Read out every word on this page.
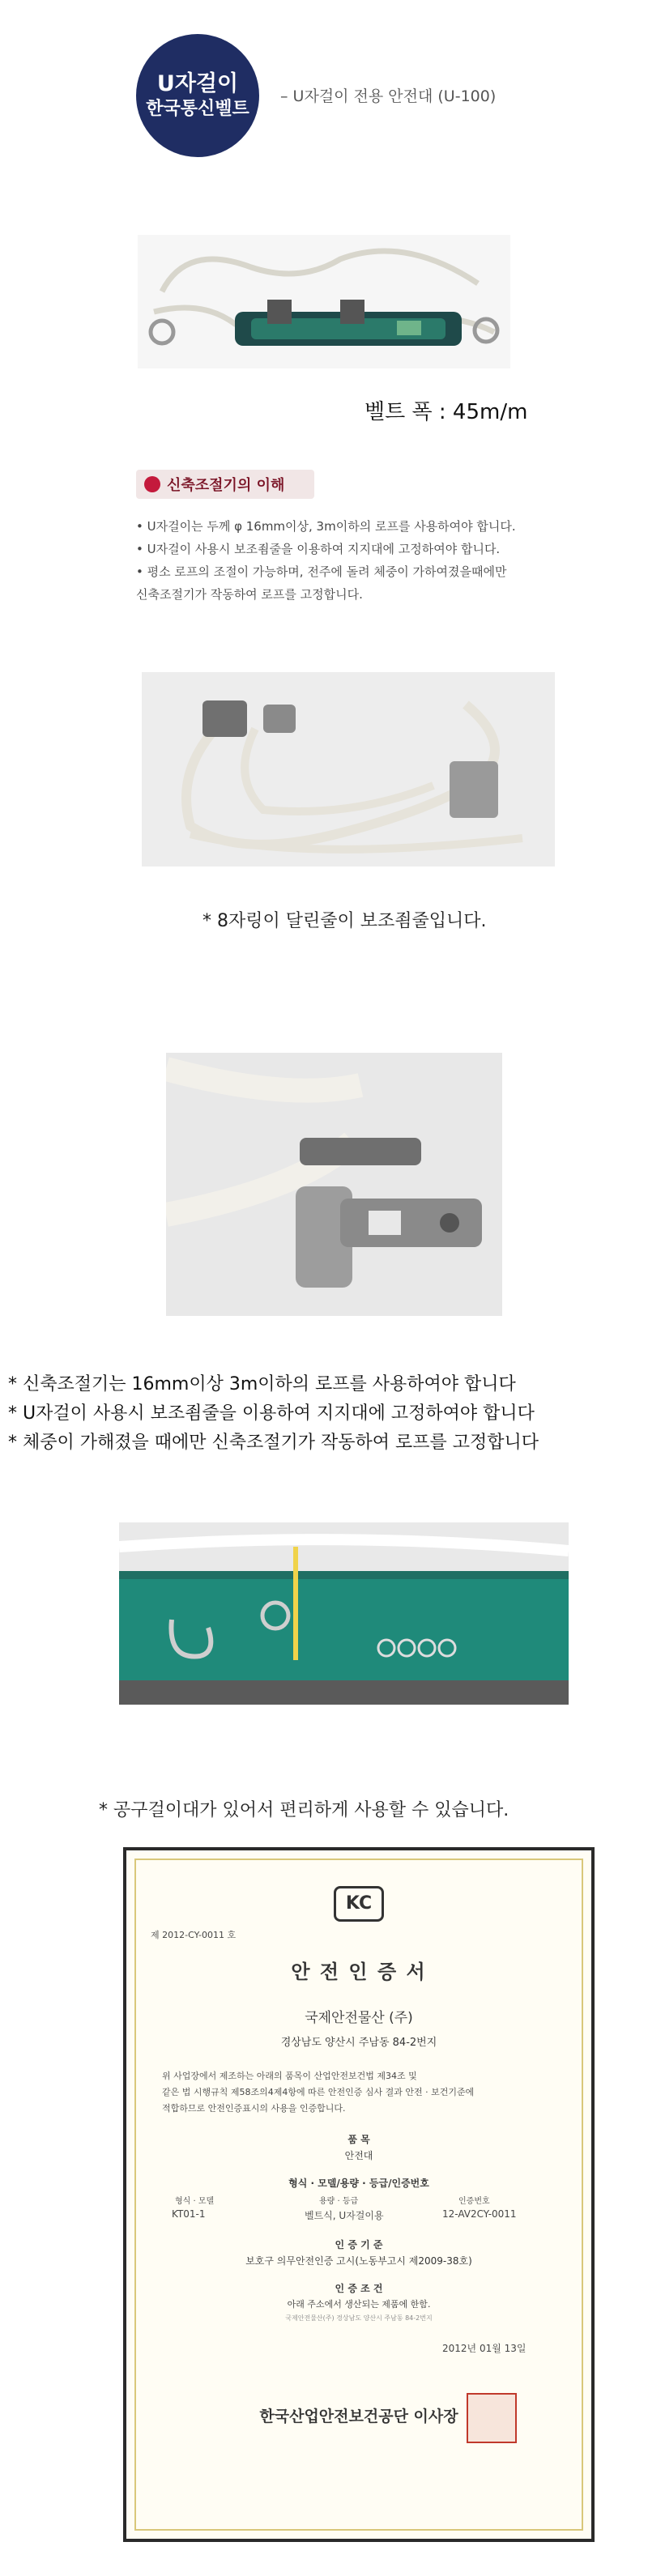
U자걸이
한국통신벨트
– U자걸이 전용 안전대 (U-100)
벨트 폭 : 45m/m
신축조절기의 이해
• U자걸이는 두께 φ 16mm이상, 3m이하의 로프를 사용하여야 합니다.
• U자걸이 사용시 보조죔줄을 이용하여 지지대에 고정하여야 합니다.
• 평소 로프의 조절이 가능하며, 전주에 돌려 체중이 가하여졌을때에만
신축조절기가 작동하여 로프를 고정합니다.
* 8자링이 달린줄이 보조죔줄입니다.
* 신축조절기는 16mm이상 3m이하의 로프를 사용하여야 합니다
* U자걸이 사용시 보조죔줄을 이용하여 지지대에 고정하여야 합니다
* 체중이 가해졌을 때에만 신축조절기가 작동하여 로프를 고정합니다
* 공구걸이대가 있어서 편리하게 사용할 수 있습니다.
KC
제 2012-CY-0011 호
안 전 인 증 서
국제안전물산 (주)
경상남도 양산시 주남동 84-2번지
위 사업장에서 제조하는 아래의 품목이 산업안전보건법 제34조 및
같은 법 시행규칙 제58조의4제4항에 따른 안전인증 심사 결과 안전 · 보건기준에
적합하므로 안전인증표시의 사용을 인증합니다.
품 목
안전대
형식 · 모델/용량 · 등급/인증번호
형식 · 모델	용량 · 등급	인증번호
KT01-1	벨트식, U자걸이용	12-AV2CY-0011
인 증 기 준
보호구 의무안전인증 고시(노동부고시 제2009-38호)
인 증 조 건
아래 주소에서 생산되는 제품에 한함.
국제안전물산(주) 경상남도 양산시 주남동 84-2번지
2012년 01월 13일
한국산업안전보건공단 이사장
